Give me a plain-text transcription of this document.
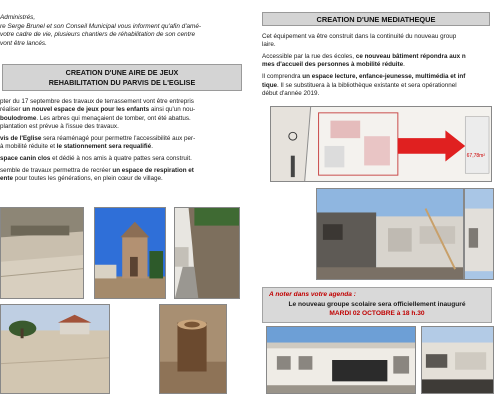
Administrés,
re Serge Brunel et son Conseil Municipal vous informent qu'afin d'amé-
votre cadre de vie, plusieurs chantiers de réhabilitation de son centre
vont être lancés.
CREATION D'UNE AIRE DE JEUX
REHABILITATION DU PARVIS DE L'EGLISE

pter du 17 septembre des travaux de terrassement vont être entrepris
réaliser un nouvel espace de jeux pour les enfants ainsi qu'un nou-
boulodrome. Les arbres qui menaçaient de tomber, ont été abattus.
plantation est prévue à l'issue des travaux.

vis de l'Eglise sera réaménagé pour permettre l'accessibilité aux per-
à mobilité réduite et le stationnement sera requalifié.

space canin clos et dédié à nos amis à quatre pattes sera construit.

semble de travaux permettra de recréer un espace de respiration et
ente pour toutes les générations, en plein cœur de village.

CREATION D'UNE MEDIATHEQUE

Cet équipement va être construit dans la continuité du nouveau group
laire.

Accessible par la rue des écoles, ce nouveau bâtiment répondra aux n
mes d'accueil des personnes à mobilité réduite.

Il comprendra un espace lecture, enfance-jeunesse, multimédia et inf
tique. Il se substituera à la bibliothèque existante et sera opérationnel
début d'année 2019.

67,78m²
A noter dans votre agenda :
Le nouveau groupe scolaire sera officiellement inauguré
MARDI 02 OCTOBRE à 18 h.30
